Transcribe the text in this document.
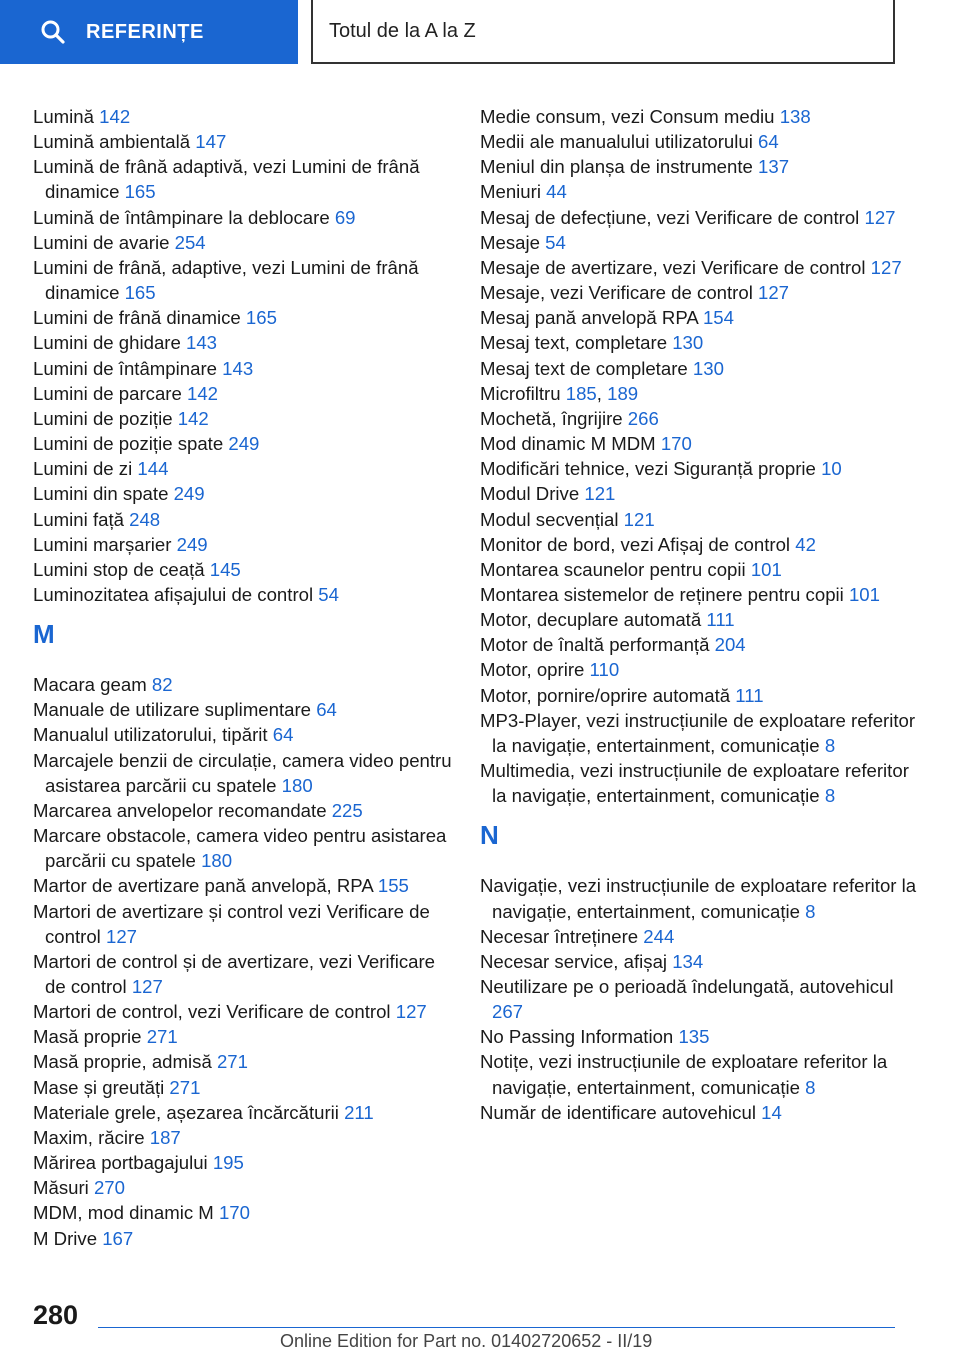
REFERINȚE	Totul de la A la Z

Lumină 142

Lumină ambientală 147

Lumină de frână adaptivă, vezi Lumini de frână dinamice 165

Lumină de întâmpinare la deblocare 69

Lumini de avarie 254

Lumini de frână, adaptive, vezi Lumini de frână dinamice 165

Lumini de frână dinamice 165

Lumini de ghidare 143

Lumini de întâmpinare 143

Lumini de parcare 142

Lumini de poziție 142

Lumini de poziție spate 249

Lumini de zi 144

Lumini din spate 249

Lumini față 248

Lumini marșarier 249

Lumini stop de ceață 145

Luminozitatea afișajului de control 54

M

Macara geam 82

Manuale de utilizare suplimentare 64

Manualul utilizatorului, tipărit 64

Marcajele benzii de circulație, camera video pentru asistarea parcării cu spatele 180

Marcarea anvelopelor recomandate 225

Marcare obstacole, camera video pentru asistarea parcării cu spatele 180

Martor de avertizare pană anvelopă, RPA 155

Martori de avertizare și control vezi Verificare de control 127

Martori de control și de avertizare, vezi Verificare de control 127

Martori de control, vezi Verificare de control 127

Masă proprie 271

Masă proprie, admisă 271

Mase și greutăți 271

Materiale grele, așezarea încărcăturii 211

Maxim, răcire 187

Mărirea portbagajului 195

Măsuri 270

MDM, mod dinamic M 170

M Drive 167

Medie consum, vezi Consum mediu 138

Medii ale manualului utilizatorului 64

Meniul din planșa de instrumente 137

Meniuri 44

Mesaj de defecțiune, vezi Verificare de control 127

Mesaje 54

Mesaje de avertizare, vezi Verificare de control 127

Mesaje, vezi Verificare de control 127

Mesaj pană anvelopă RPA 154

Mesaj text, completare 130

Mesaj text de completare 130

Microfiltru 185, 189

Mochetă, îngrijire 266

Mod dinamic M MDM 170

Modificări tehnice, vezi Siguranță proprie 10

Modul Drive 121

Modul secvențial 121

Monitor de bord, vezi Afișaj de control 42

Montarea scaunelor pentru copii 101

Montarea sistemelor de reținere pentru copii 101

Motor, decuplare automată 111

Motor de înaltă performanță 204

Motor, oprire 110

Motor, pornire/oprire automată 111

MP3-Player, vezi instrucțiunile de exploatare referitor la navigație, entertainment, comunicație 8

Multimedia, vezi instrucțiunile de exploatare referitor la navigație, entertainment, comunicație 8

N

Navigație, vezi instrucțiunile de exploatare referitor la navigație, entertainment, comunicație 8

Necesar întreținere 244

Necesar service, afișaj 134

Neutilizare pe o perioadă îndelungată, autovehicul 267

No Passing Information 135

Notițe, vezi instrucțiunile de exploatare referitor la navigație, entertainment, comunicație 8

Număr de identificare autovehicul 14

280
Online Edition for Part no. 01402720652 - II/19
